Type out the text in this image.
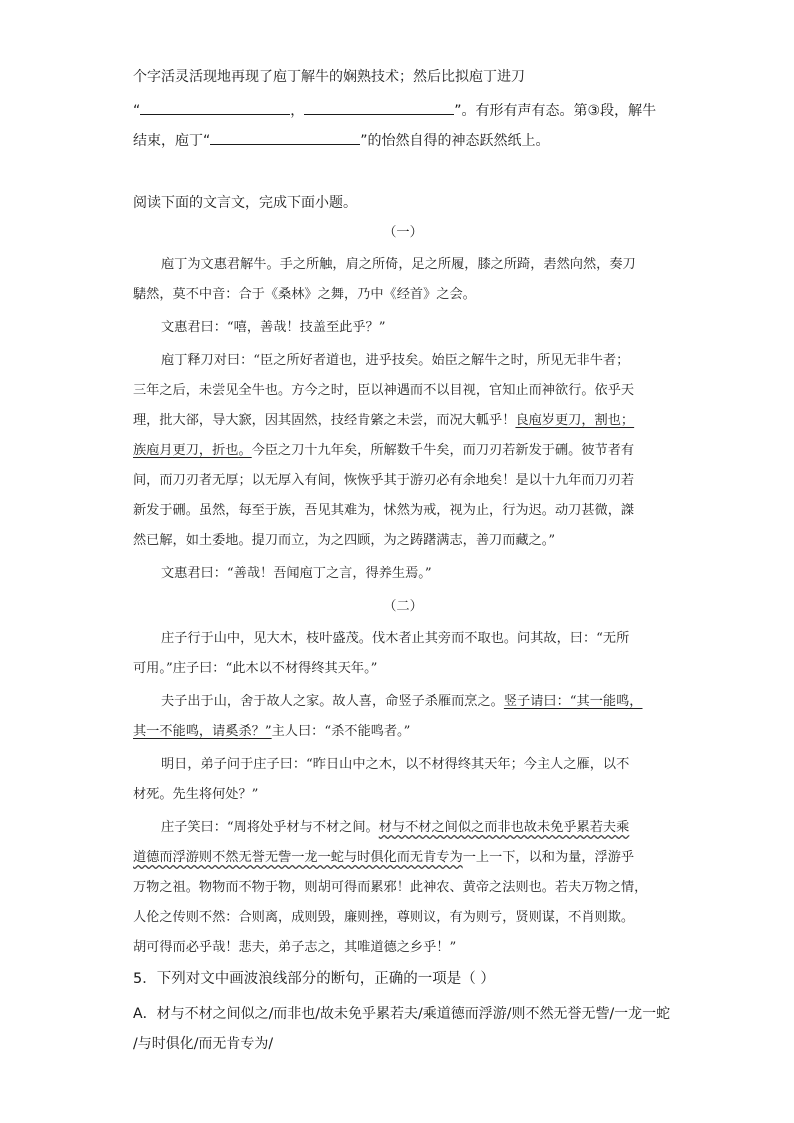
个字活灵活现地再现了庖丁解牛的娴熟技术；然后比拟庖丁进刀
“	，	”。有形有声有态。第③段，解牛
结束，庖丁“	”的怡然自得的神态跃然纸上。
阅读下面的文言文，完成下面小题。
（一）
庖丁为文惠君解牛。手之所触，肩之所倚，足之所履，膝之所踦，砉然向然，奏刀
騞然，莫不中音：合于《桑林》之舞，乃中《经首》之会。
文惠君曰：“嘻，善哉！技盖至此乎？”
庖丁释刀对曰：“臣之所好者道也，进乎技矣。始臣之解牛之时，所见无非牛者；
三年之后，未尝见全牛也。方今之时，臣以神遇而不以目视，官知止而神欲行。依乎天
理，批大郤，导大窾，因其固然，技经肯綮之未尝，而况大軱乎！良庖岁更刀，割也；
族庖月更刀，折也。今臣之刀十九年矣，所解数千牛矣，而刀刃若新发于硎。彼节者有
间，而刀刃者无厚；以无厚入有间，恢恢乎其于游刃必有余地矣！是以十九年而刀刃若
新发于硎。虽然，每至于族，吾见其难为，怵然为戒，视为止，行为迟。动刀甚微，謋
然已解，如土委地。提刀而立，为之四顾，为之踌躇满志，善刀而藏之。”
文惠君曰：“善哉！吾闻庖丁之言，得养生焉。”
（二）
庄子行于山中，见大木，枝叶盛茂。伐木者止其旁而不取也。问其故，曰：“无所
可用。”庄子曰：“此木以不材得终其天年。”
夫子出于山，舍于故人之家。故人喜，命竖子杀雁而烹之。竖子请曰：“其一能鸣，
其一不能鸣，请奚杀？”主人曰：“杀不能鸣者。”
明日，弟子问于庄子曰：“昨日山中之木，以不材得终其天年；今主人之雁，以不
材死。先生将何处？”
庄子笑曰：“周将处乎材与不材之间。材与不材之间似之而非也故未免乎累若夫乘
道德而浮游则不然无誉无訾一龙一蛇与时俱化而无肯专为一上一下，以和为量，浮游乎
万物之祖。物物而不物于物，则胡可得而累邪！此神农、黄帝之法则也。若夫万物之情，
人伦之传则不然：合则离，成则毁，廉则挫，尊则议，有为则亏，贤则谋，不肖则欺。
胡可得而必乎哉！悲夫，弟子志之，其唯道德之乡乎！”
5．下列对文中画波浪线部分的断句，正确的一项是（ ）
A．材与不材之间似之/而非也/故未免乎累若夫/乘道德而浮游/则不然无誉无訾/一龙一蛇
/与时俱化/而无肯专为/
